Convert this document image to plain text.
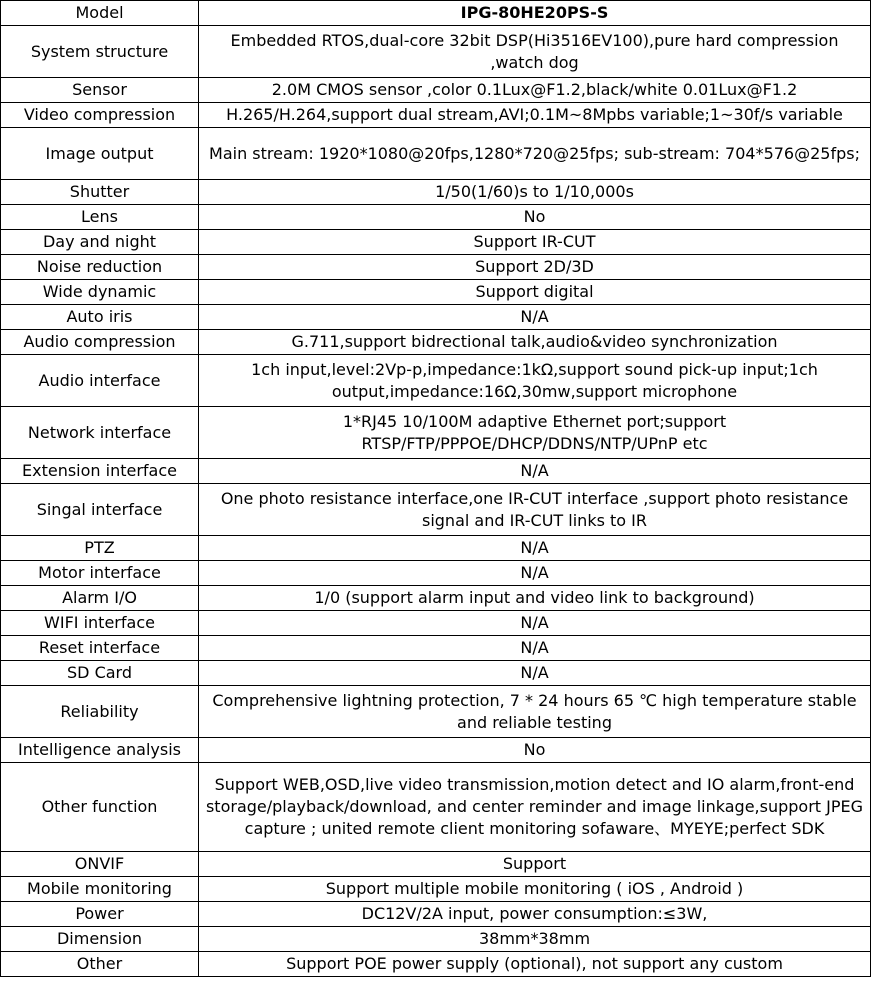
Model	IPG-80HE20PS-S
System structure	Embedded RTOS,dual-core 32bit DSP(Hi3516EV100),pure hard compression ,watch dog
Sensor	2.0M CMOS sensor ,color 0.1Lux@F1.2,black/white 0.01Lux@F1.2
Video compression	H.265/H.264,support dual stream,AVI;0.1M~8Mpbs variable;1~30f/s variable
Image output	Main stream: 1920*1080@20fps,1280*720@25fps; sub-stream: 704*576@25fps;
Shutter	1/50(1/60)s to 1/10,000s
Lens	No
Day and night	Support IR-CUT
Noise reduction	Support 2D/3D
Wide dynamic	Support digital
Auto iris	N/A
Audio compression	G.711,support bidrectional talk,audio&video synchronization
Audio interface	1ch input,level:2Vp-p,impedance:1kΩ,support sound pick-up input;1ch output,impedance:16Ω,30mw,support microphone
Network interface	1*RJ45 10/100M adaptive Ethernet port;support RTSP/FTP/PPPOE/DHCP/DDNS/NTP/UPnP etc
Extension interface	N/A
Singal interface	One photo resistance interface,one IR-CUT interface ,support photo resistance signal and IR-CUT links to IR
PTZ	N/A
Motor interface	N/A
Alarm I/O	1/0 (support alarm input and video link to background)
WIFI interface	N/A
Reset interface	N/A
SD Card	N/A
Reliability	Comprehensive lightning protection, 7 * 24 hours 65 ℃ high temperature stable and reliable testing
Intelligence analysis	No
Other function	Support WEB,OSD,live video transmission,motion detect and IO alarm,front-end storage/playback/download, and center reminder and image linkage,support JPEG capture ; united remote client monitoring sofaware、MYEYE;perfect SDK
ONVIF	Support
Mobile monitoring	Support multiple mobile monitoring ( iOS , Android )
Power	DC12V/2A input, power consumption:≤3W,
Dimension	38mm*38mm
Other	Support POE power supply (optional), not support any custom
